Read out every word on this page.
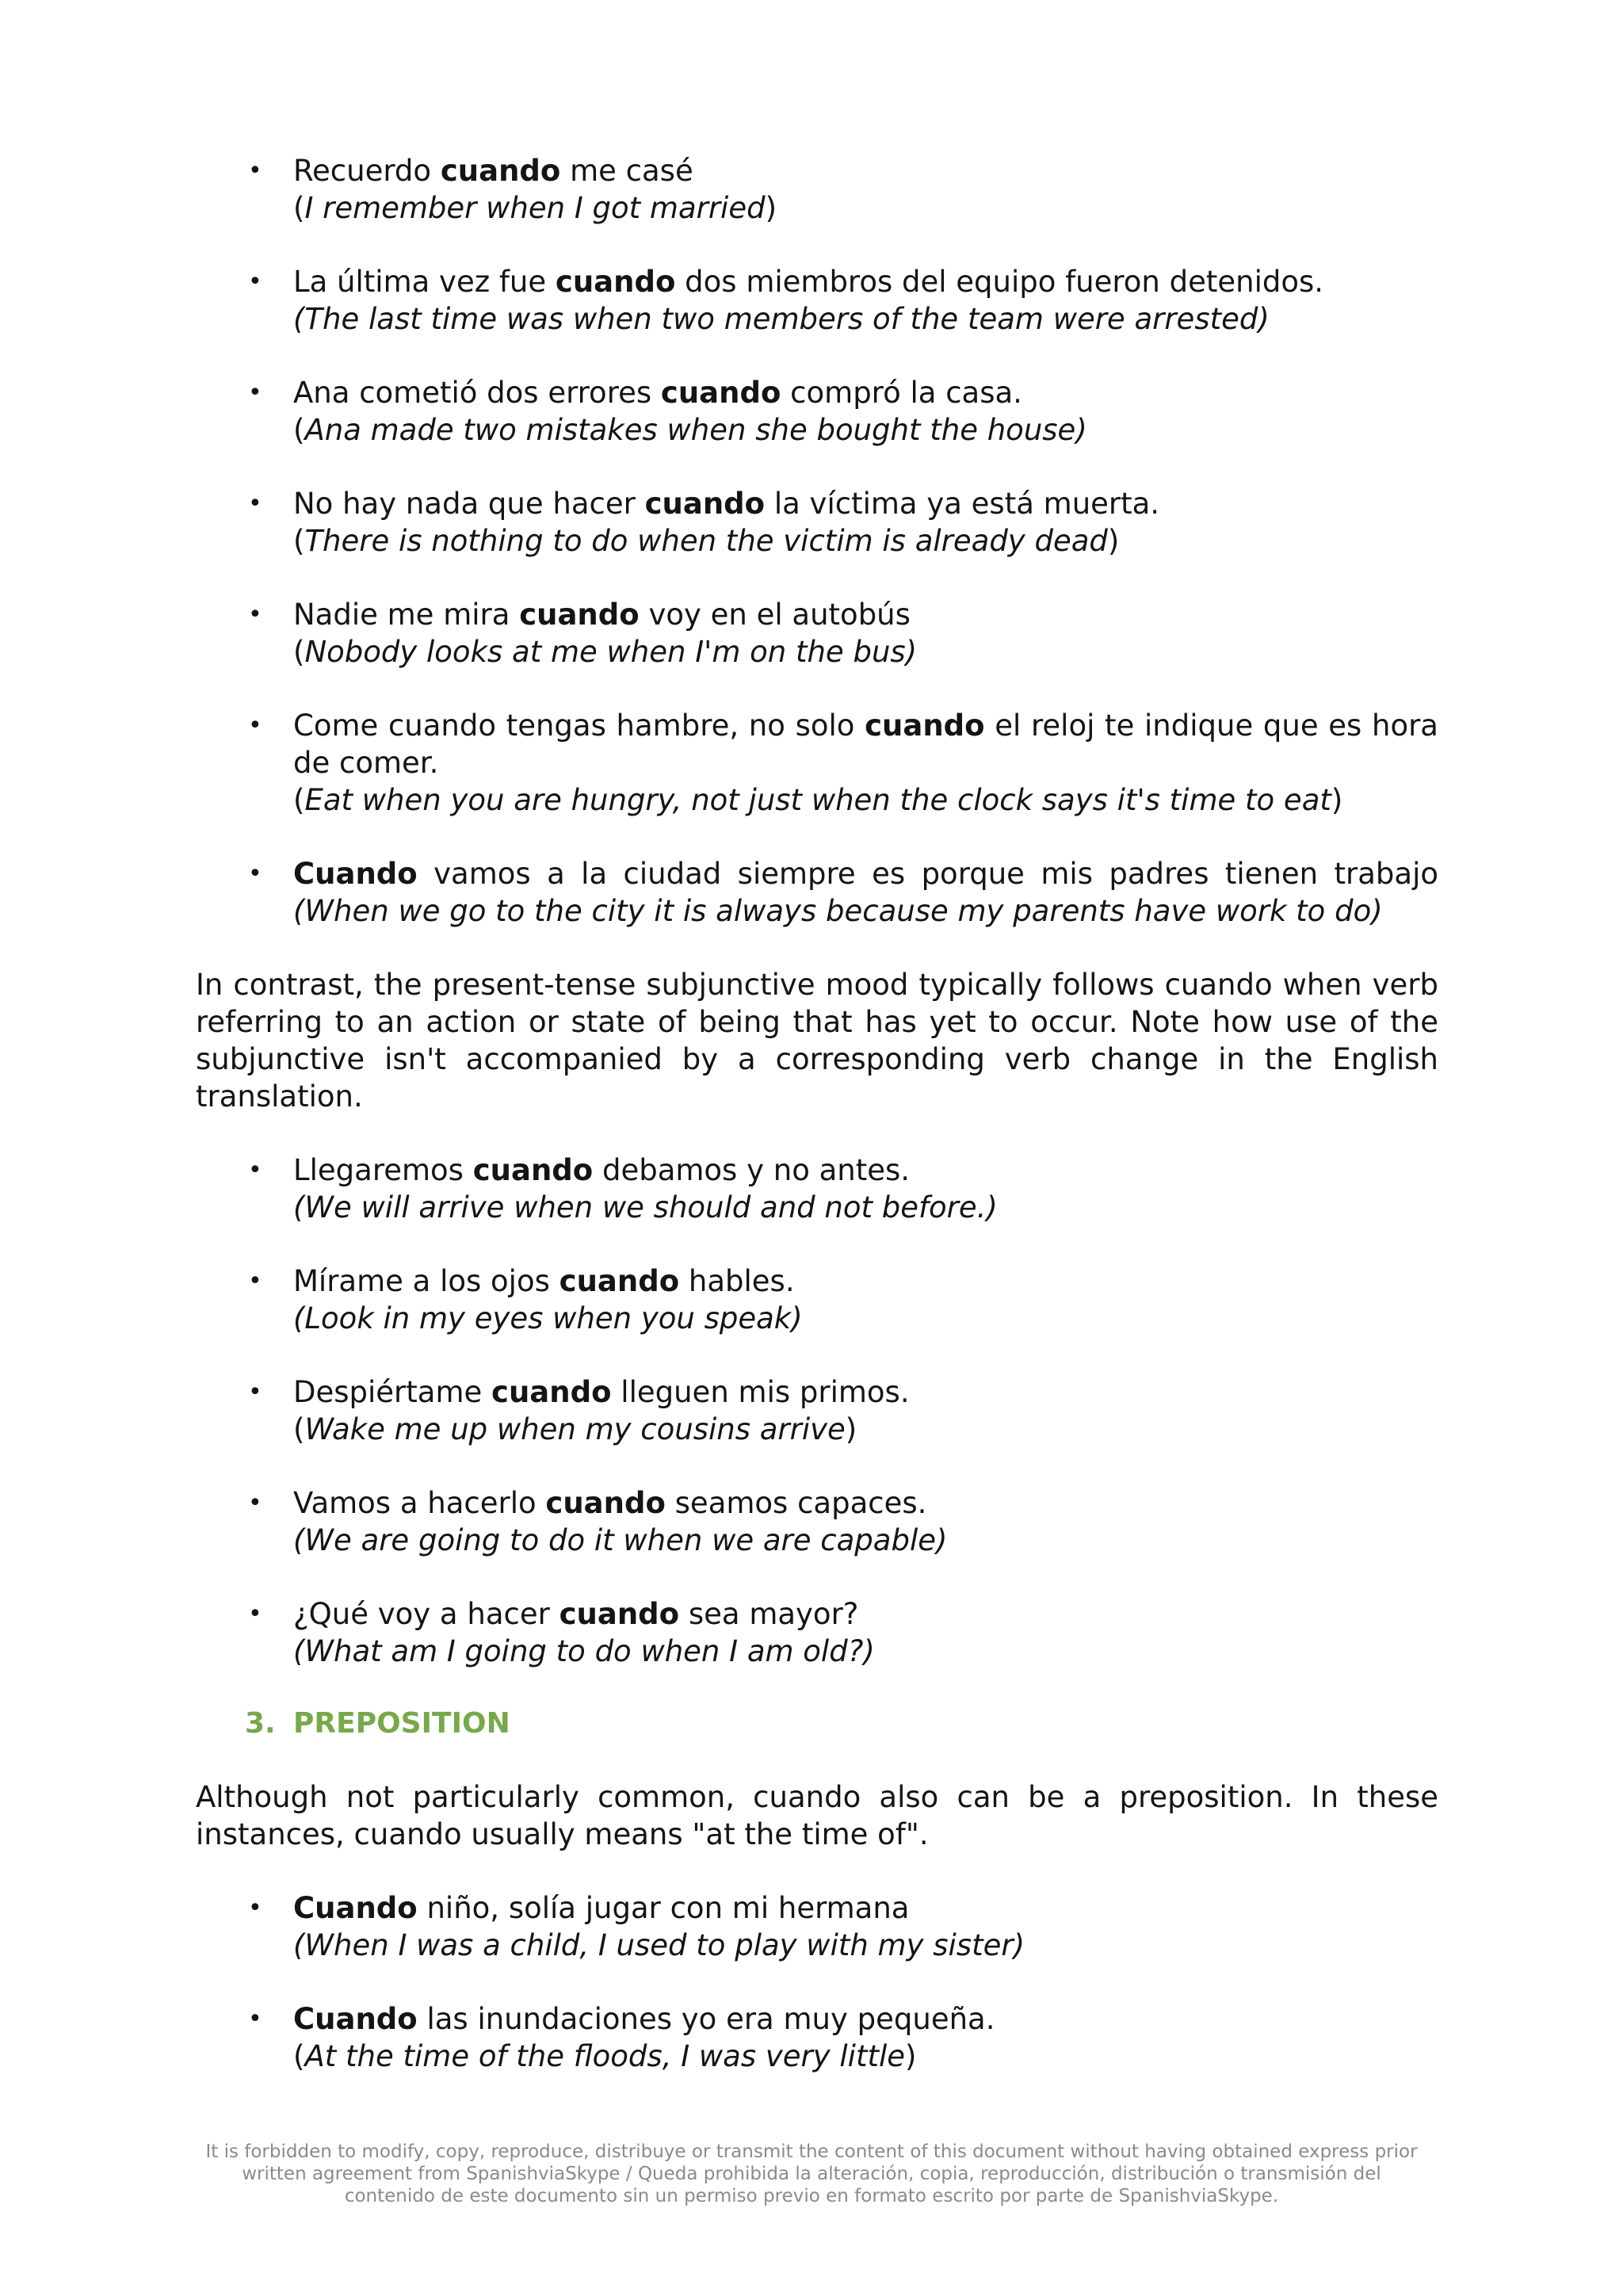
• Recuerdo cuando me casé
(I remember when I got married)
• La última vez fue cuando dos miembros del equipo fueron detenidos.
(The last time was when two members of the team were arrested)
• Ana cometió dos errores cuando compró la casa.
(Ana made two mistakes when she bought the house)
• No hay nada que hacer cuando la víctima ya está muerta.
(There is nothing to do when the victim is already dead)
• Nadie me mira cuando voy en el autobús
(Nobody looks at me when I'm on the bus)
• Come cuando tengas hambre, no solo cuando el reloj te indique que es hora de comer.
(Eat when you are hungry, not just when the clock says it's time to eat)
• Cuando vamos a la ciudad siempre es porque mis padres tienen trabajo
(When we go to the city it is always because my parents have work to do)

In contrast, the present-tense subjunctive mood typically follows cuando when verb referring to an action or state of being that has yet to occur. Note how use of the subjunctive isn't accompanied by a corresponding verb change in the English translation.

• Llegaremos cuando debamos y no antes.
(We will arrive when we should and not before.)
• Mírame a los ojos cuando hables.
(Look in my eyes when you speak)
• Despiértame cuando lleguen mis primos.
(Wake me up when my cousins arrive)
• Vamos a hacerlo cuando seamos capaces.
(We are going to do it when we are capable)
• ¿Qué voy a hacer cuando sea mayor?
(What am I going to do when I am old?)
3. PREPOSITION

Although not particularly common, cuando also can be a preposition. In these instances, cuando usually means "at the time of".

• Cuando niño, solía jugar con mi hermana
(When I was a child, I used to play with my sister)
• Cuando las inundaciones yo era muy pequeña.
(At the time of the floods, I was very little)
It is forbidden to modify, copy, reproduce, distribuye or transmit the content of this document without having obtained express prior
written agreement from SpanishviaSkype / Queda prohibida la alteración, copia, reproducción, distribución o transmisión del
contenido de este documento sin un permiso previo en formato escrito por parte de SpanishviaSkype.
